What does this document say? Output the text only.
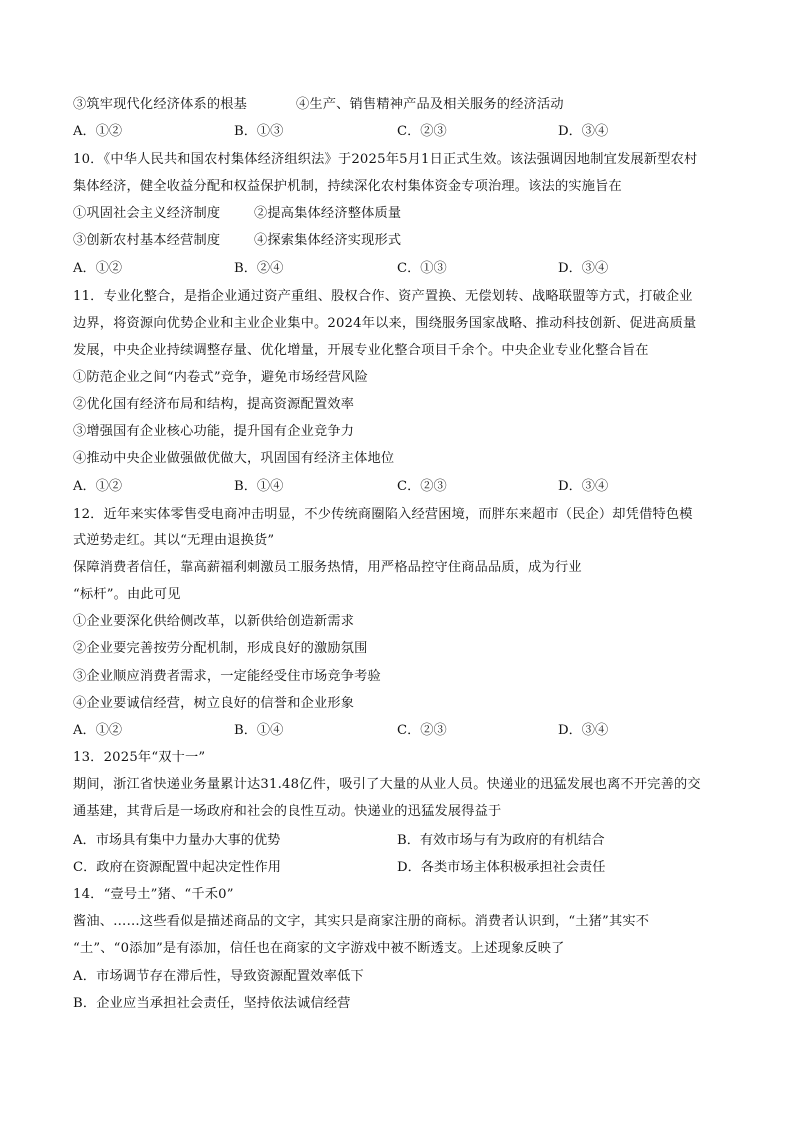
③筑牢现代化经济体系的根基	④生产、销售精神产品及相关服务的经济活动
A．①②	B．①③	C．②③	D．③④
10．《中华人民共和国农村集体经济组织法》于2025年5月1日正式生效。该法强调因地制宜发展新型农村
集体经济，健全收益分配和权益保护机制，持续深化农村集体资金专项治理。该法的实施旨在
①巩固社会主义经济制度	②提高集体经济整体质量
③创新农村基本经营制度	④探索集体经济实现形式
A．①②	B．②④	C．①③	D．③④
11．专业化整合，是指企业通过资产重组、股权合作、资产置换、无偿划转、战略联盟等方式，打破企业
边界，将资源向优势企业和主业企业集中。2024年以来，围绕服务国家战略、推动科技创新、促进高质量
发展，中央企业持续调整存量、优化增量，开展专业化整合项目千余个。中央企业专业化整合旨在
①防范企业之间“内卷式”竞争，避免市场经营风险
②优化国有经济布局和结构，提高资源配置效率
③增强国有企业核心功能，提升国有企业竞争力
④推动中央企业做强做优做大，巩固国有经济主体地位
A．①②	B．①④	C．②③	D．③④
12．近年来实体零售受电商冲击明显，不少传统商圈陷入经营困境，而胖东来超市（民企）却凭借特色模
式逆势走红。其以“无理由退换货”
保障消费者信任，靠高薪福利刺激员工服务热情，用严格品控守住商品品质，成为行业
“标杆”。由此可见
①企业要深化供给侧改革，以新供给创造新需求
②企业要完善按劳分配机制，形成良好的激励氛围
③企业顺应消费者需求，一定能经受住市场竞争考验
④企业要诚信经营，树立良好的信誉和企业形象
A．①②	B．①④	C．②③	D．③④
13．2025年“双十一”
期间，浙江省快递业务量累计达31.48亿件，吸引了大量的从业人员。快递业的迅猛发展也离不开完善的交
通基建，其背后是一场政府和社会的良性互动。快递业的迅猛发展得益于
A．市场具有集中力量办大事的优势	B．有效市场与有为政府的有机结合
C．政府在资源配置中起决定性作用	D．各类市场主体积极承担社会责任
14．“壹号土”猪、“千禾0”
酱油、……这些看似是描述商品的文字，其实只是商家注册的商标。消费者认识到，“土猪”其实不
“土”、“0添加”是有添加，信任也在商家的文字游戏中被不断透支。上述现象反映了
A．市场调节存在滞后性，导致资源配置效率低下
B．企业应当承担社会责任，坚持依法诚信经营
